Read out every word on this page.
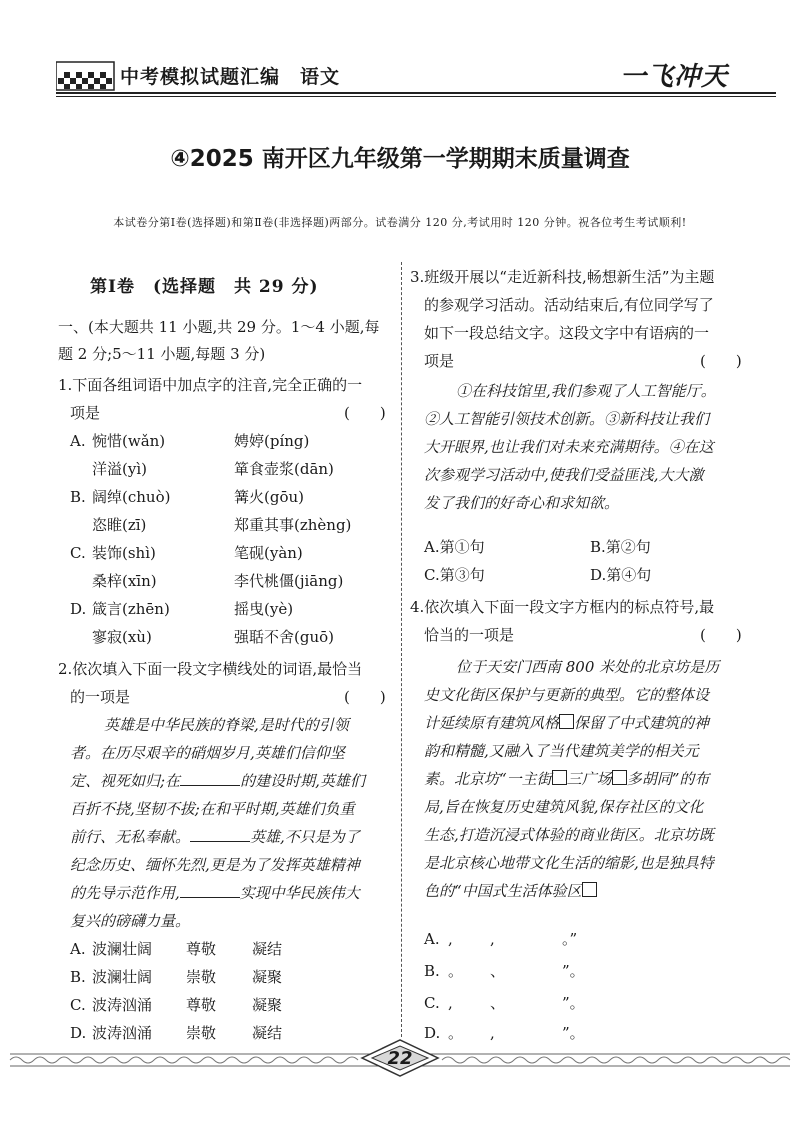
中考模拟试题汇编　语文	一飞冲天
④2025 南开区九年级第一学期期末质量调查
本试卷分第Ⅰ卷(选择题)和第Ⅱ卷(非选择题)两部分。试卷满分 120 分,考试用时 120 分钟。祝各位考生考试顺利!
第Ⅰ卷　(选择题　共 29 分)
一、(本大题共 11 小题,共 29 分。1～4 小题,每
题 2 分;5～11 小题,每题 3 分)
1.下面各组词语中加点字的注音,完全正确的一
项是	(　　)
A. 惋惜(wǎn)	娉婷(píng)
洋溢(yì)	箪食壶浆(dān)
B. 阔绰(chuò)	篝火(gōu)
恣睢(zī)	郑重其事(zhèng)
C. 装饰(shì)	笔砚(yàn)
桑梓(xīn)	李代桃僵(jiāng)
D. 箴言(zhēn)	摇曳(yè)
寥寂(xù)	强聒不舍(guō)
2.依次填入下面一段文字横线处的词语,最恰当
的一项是	(　　)
英雄是中华民族的脊梁,是时代的引领
者。在历尽艰辛的硝烟岁月,英雄们信仰坚
定、视死如归;在	的建设时期,英雄们
百折不挠,坚韧不拔;在和平时期,英雄们负重
前行、无私奉献。	英雄,不只是为了
纪念历史、缅怀先烈,更是为了发挥英雄精神
的先导示范作用,	实现中华民族伟大
复兴的磅礴力量。
A. 波澜壮阔 尊敬 凝结
B. 波澜壮阔 崇敬 凝聚
C. 波涛汹涌 尊敬 凝聚
D. 波涛汹涌 崇敬 凝结
3.班级开展以“走近新科技,畅想新生活”为主题
的参观学习活动。活动结束后,有位同学写了
如下一段总结文字。这段文字中有语病的一
项是	(　　)
①在科技馆里,我们参观了人工智能厅。
②人工智能引领技术创新。③新科技让我们
大开眼界,也让我们对未来充满期待。④在这
次参观学习活动中,使我们受益匪浅,大大激
发了我们的好奇心和求知欲。
A.第①句	B.第②句
C.第③句	D.第④句
4.依次填入下面一段文字方框内的标点符号,最
恰当的一项是	(　　)
位于天安门西南 800 米处的北京坊是历
史文化街区保护与更新的典型。它的整体设
计延续原有建筑风格 保留了中式建筑的神
韵和精髓,又融入了当代建筑美学的相关元
素。北京坊“一主街 三广场 多胡同”的布
局,旨在恢复历史建筑风貌,保存社区的文化
生态,打造沉浸式体验的商业街区。北京坊既
是北京核心地带文化生活的缩影,也是独具特
色的“中国式生活体验区
A. , ,	。”
B. 。 、	”。
C. , 、	”。
D. 。 ,	”。
22
